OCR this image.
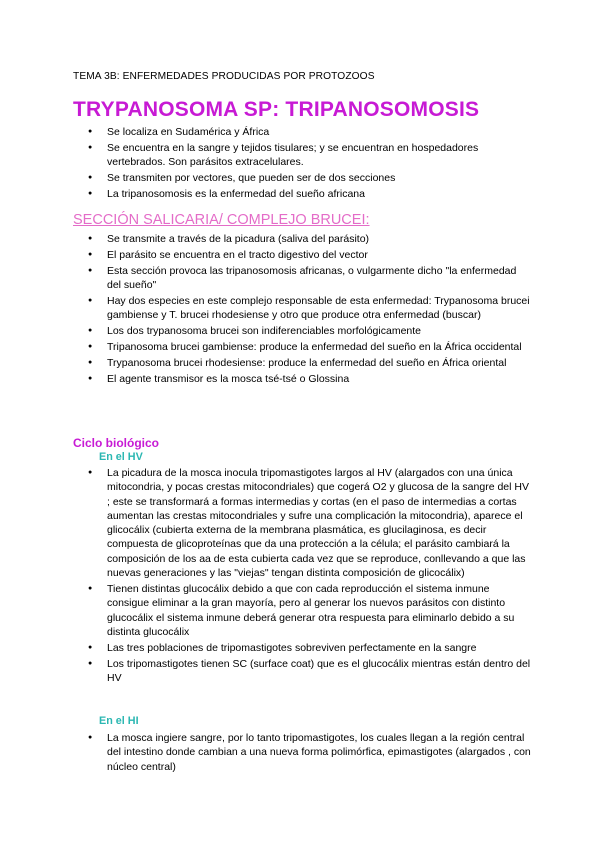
TEMA 3B: ENFERMEDADES PRODUCIDAS POR PROTOZOOS
TRYPANOSOMA SP: TRIPANOSOMOSIS
● Se localiza en Sudamérica y África
● Se encuentra en la sangre y tejidos tisulares; y se encuentran en hospedadores vertebrados. Son parásitos extracelulares.
● Se transmiten por vectores, que pueden ser de dos secciones
● La tripanosomosis es la enfermedad del sueño africana
SECCIÓN SALICARIA/ COMPLEJO BRUCEI:
● Se transmite a través de la picadura (saliva del parásito)
● El parásito se encuentra en el tracto digestivo del vector
● Esta sección provoca las tripanosomosis africanas, o vulgarmente dicho "la enfermedad del sueño"
● Hay dos especies en este complejo responsable de esta enfermedad: Trypanosoma brucei gambiense y T. brucei rhodesiense y otro que produce otra enfermedad (buscar)
● Los dos trypanosoma brucei son indiferenciables morfológicamente
● Tripanosoma brucei gambiense: produce la enfermedad del sueño en la África occidental
● Trypanosoma brucei rhodesiense: produce la enfermedad del sueño en África oriental
● El agente transmisor es la mosca tsé-tsé o Glossina
Ciclo biológico
En el HV
● La picadura de la mosca inocula tripomastigotes largos al HV (alargados con una única mitocondria, y pocas crestas mitocondriales) que cogerá O2 y glucosa de la sangre del HV ; este se transformará a formas intermedias y cortas (en el paso de intermedias a cortas aumentan las crestas mitocondriales y sufre una complicación la mitocondria), aparece el glicocálix (cubierta externa de la membrana plasmática, es glucilaginosa, es decir compuesta de glicoproteínas que da una protección a la célula; el parásito cambiará la composición de los aa de esta cubierta cada vez que se reproduce, conllevando a que las nuevas generaciones y las "viejas" tengan distinta composición de glicocálix)
● Tienen distintas glucocálix debido a que con cada reproducción el sistema inmune consigue eliminar a la gran mayoría, pero al generar los nuevos parásitos con distinto glucocálix el sistema inmune deberá generar otra respuesta para eliminarlo debido a su distinta glucocálix
● Las tres poblaciones de tripomastigotes sobreviven perfectamente en la sangre
● Los tripomastigotes tienen SC (surface coat) que es el glucocálix mientras están dentro del HV
En el HI
● La mosca ingiere sangre, por lo tanto tripomastigotes, los cuales llegan a la región central del intestino donde cambian a una nueva forma polimórfica, epimastigotes (alargados , con núcleo central)
